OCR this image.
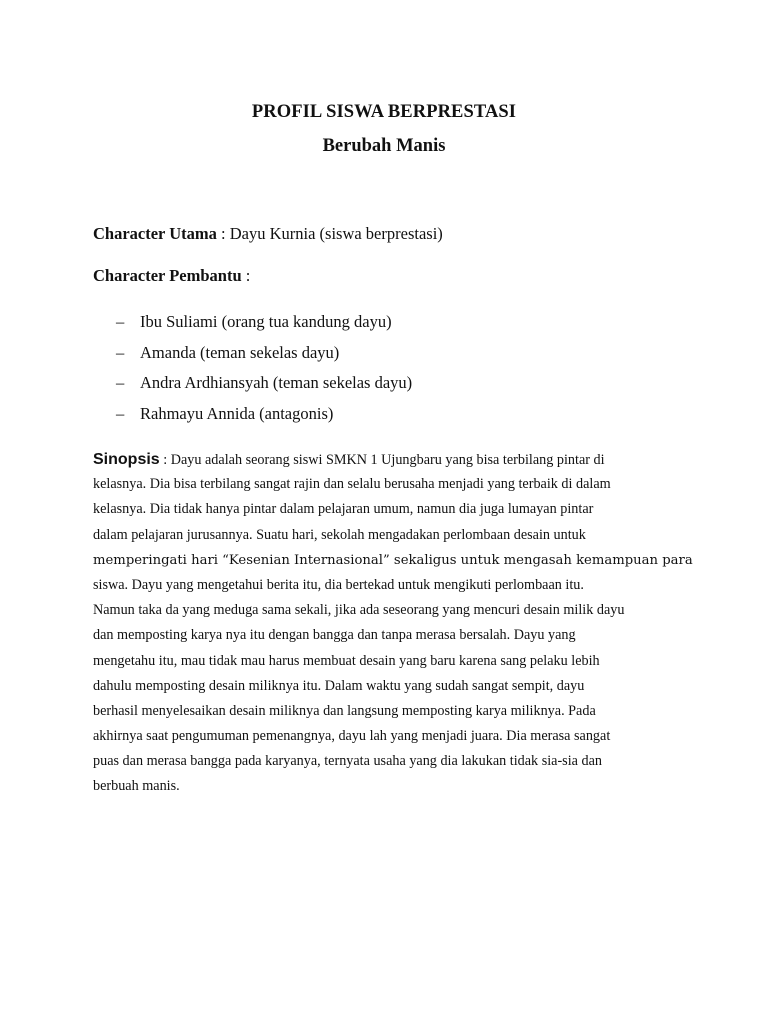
PROFIL SISWA BERPRESTASI
Berubah Manis
Character Utama : Dayu Kurnia (siswa berprestasi)
Character Pembantu :
– Ibu Suliami (orang tua kandung dayu)
– Amanda (teman sekelas dayu)
– Andra Ardhiansyah (teman sekelas dayu)
– Rahmayu Annida (antagonis)
Sinopsis : Dayu adalah seorang siswi SMKN 1 Ujungbaru yang bisa terbilang pintar di
kelasnya. Dia bisa terbilang sangat rajin dan selalu berusaha menjadi yang terbaik di dalam
kelasnya. Dia tidak hanya pintar dalam pelajaran umum, namun dia juga lumayan pintar
dalam pelajaran jurusannya. Suatu hari, sekolah mengadakan perlombaan desain untuk
memperingati hari “Kesenian Internasional” sekaligus untuk mengasah kemampuan para
siswa. Dayu yang mengetahui berita itu, dia bertekad untuk mengikuti perlombaan itu.
Namun taka da yang meduga sama sekali, jika ada seseorang yang mencuri desain milik dayu
dan memposting karya nya itu dengan bangga dan tanpa merasa bersalah. Dayu yang
mengetahu itu, mau tidak mau harus membuat desain yang baru karena sang pelaku lebih
dahulu memposting desain miliknya itu. Dalam waktu yang sudah sangat sempit, dayu
berhasil menyelesaikan desain miliknya dan langsung memposting karya miliknya. Pada
akhirnya saat pengumuman pemenangnya, dayu lah yang menjadi juara. Dia merasa sangat
puas dan merasa bangga pada karyanya, ternyata usaha yang dia lakukan tidak sia-sia dan
berbuah manis.
